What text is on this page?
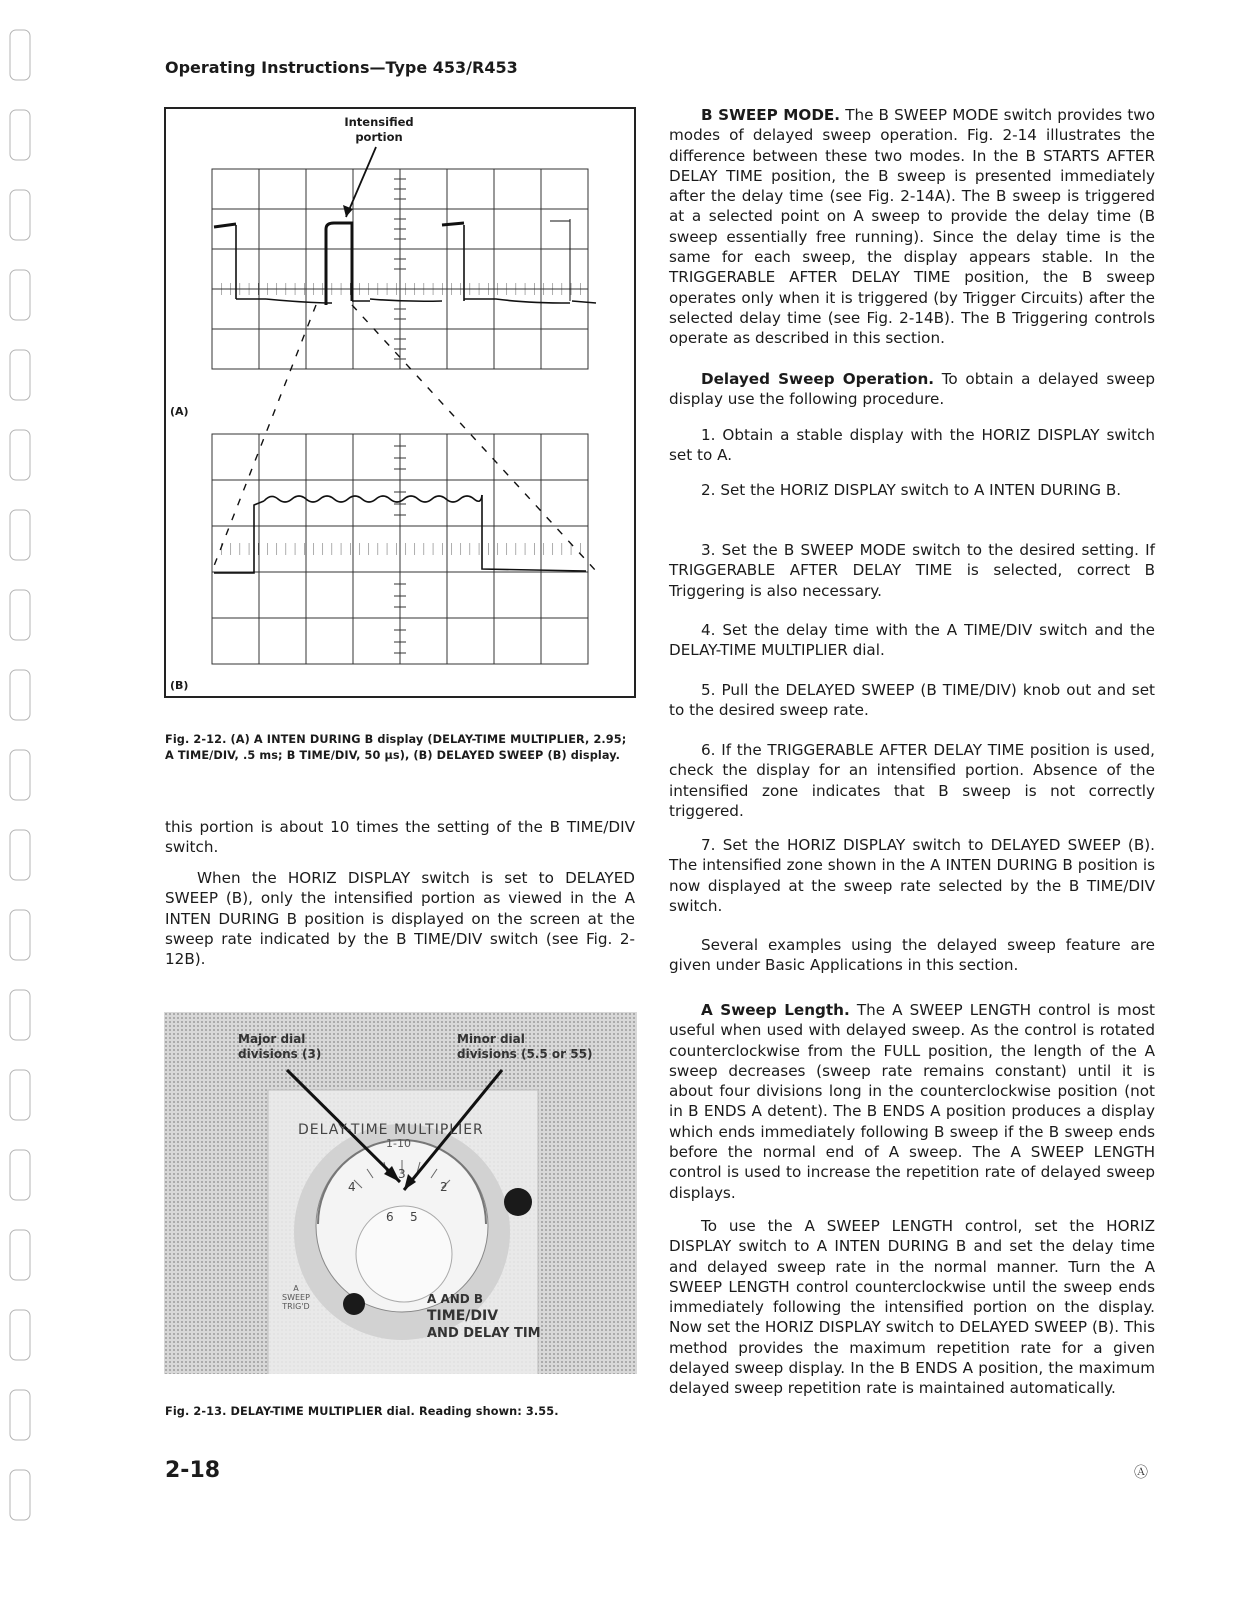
Operating Instructions—Type 453/R453
Intensified
portion
(A)
(B)
Fig. 2-12. (A) A INTEN DURING B display (DELAY-TIME MULTIPLIER, 2.95; A TIME/DIV, .5 ms; B TIME/DIV, 50 µs), (B) DELAYED SWEEP (B) display.
this portion is about 10 times the setting of the B TIME/DIV switch.
When the HORIZ DISPLAY switch is set to DELAYED SWEEP (B), only the intensified portion as viewed in the A INTEN DURING B position is displayed on the screen at the sweep rate indicated by the B TIME/DIV switch (see Fig. 2-12B).
Major dial
divisions (3)
Minor dial
divisions (5.5 or 55)
DELAY-TIME MULTIPLIER
1-10
4
3
2
6 5
A
SWEEP
TRIG'D
A AND B
TIME/DIV
AND DELAY TIM
Fig. 2-13. DELAY-TIME MULTIPLIER dial. Reading shown: 3.55.
B SWEEP MODE. The B SWEEP MODE switch provides two modes of delayed sweep operation. Fig. 2-14 illustrates the difference between these two modes. In the B STARTS AFTER DELAY TIME position, the B sweep is presented immediately after the delay time (see Fig. 2-14A). The B sweep is triggered at a selected point on A sweep to provide the delay time (B sweep essentially free running). Since the delay time is the same for each sweep, the display appears stable. In the TRIGGERABLE AFTER DELAY TIME position, the B sweep operates only when it is triggered (by Trigger Circuits) after the selected delay time (see Fig. 2-14B). The B Triggering controls operate as described in this section.
Delayed Sweep Operation. To obtain a delayed sweep display use the following procedure.
1. Obtain a stable display with the HORIZ DISPLAY switch set to A.
2. Set the HORIZ DISPLAY switch to A INTEN DURING B.
3. Set the B SWEEP MODE switch to the desired setting. If TRIGGERABLE AFTER DELAY TIME is selected, correct B Triggering is also necessary.
4. Set the delay time with the A TIME/DIV switch and the DELAY-TIME MULTIPLIER dial.
5. Pull the DELAYED SWEEP (B TIME/DIV) knob out and set to the desired sweep rate.
6. If the TRIGGERABLE AFTER DELAY TIME position is used, check the display for an intensified portion. Absence of the intensified zone indicates that B sweep is not correctly triggered.
7. Set the HORIZ DISPLAY switch to DELAYED SWEEP (B). The intensified zone shown in the A INTEN DURING B position is now displayed at the sweep rate selected by the B TIME/DIV switch.
Several examples using the delayed sweep feature are given under Basic Applications in this section.
A Sweep Length. The A SWEEP LENGTH control is most useful when used with delayed sweep. As the control is rotated counterclockwise from the FULL position, the length of the A sweep decreases (sweep rate remains constant) until it is about four divisions long in the counterclockwise position (not in B ENDS A detent). The B ENDS A position produces a display which ends immediately following B sweep if the B sweep ends before the normal end of A sweep. The A SWEEP LENGTH control is used to increase the repetition rate of delayed sweep displays.
To use the A SWEEP LENGTH control, set the HORIZ DISPLAY switch to A INTEN DURING B and set the delay time and delayed sweep rate in the normal manner. Turn the A SWEEP LENGTH control counterclockwise until the sweep ends immediately following the intensified portion on the display. Now set the HORIZ DISPLAY switch to DELAYED SWEEP (B). This method provides the maximum repetition rate for a given delayed sweep display. In the B ENDS A position, the maximum delayed sweep repetition rate is maintained automatically.
2-18	Ⓐ
